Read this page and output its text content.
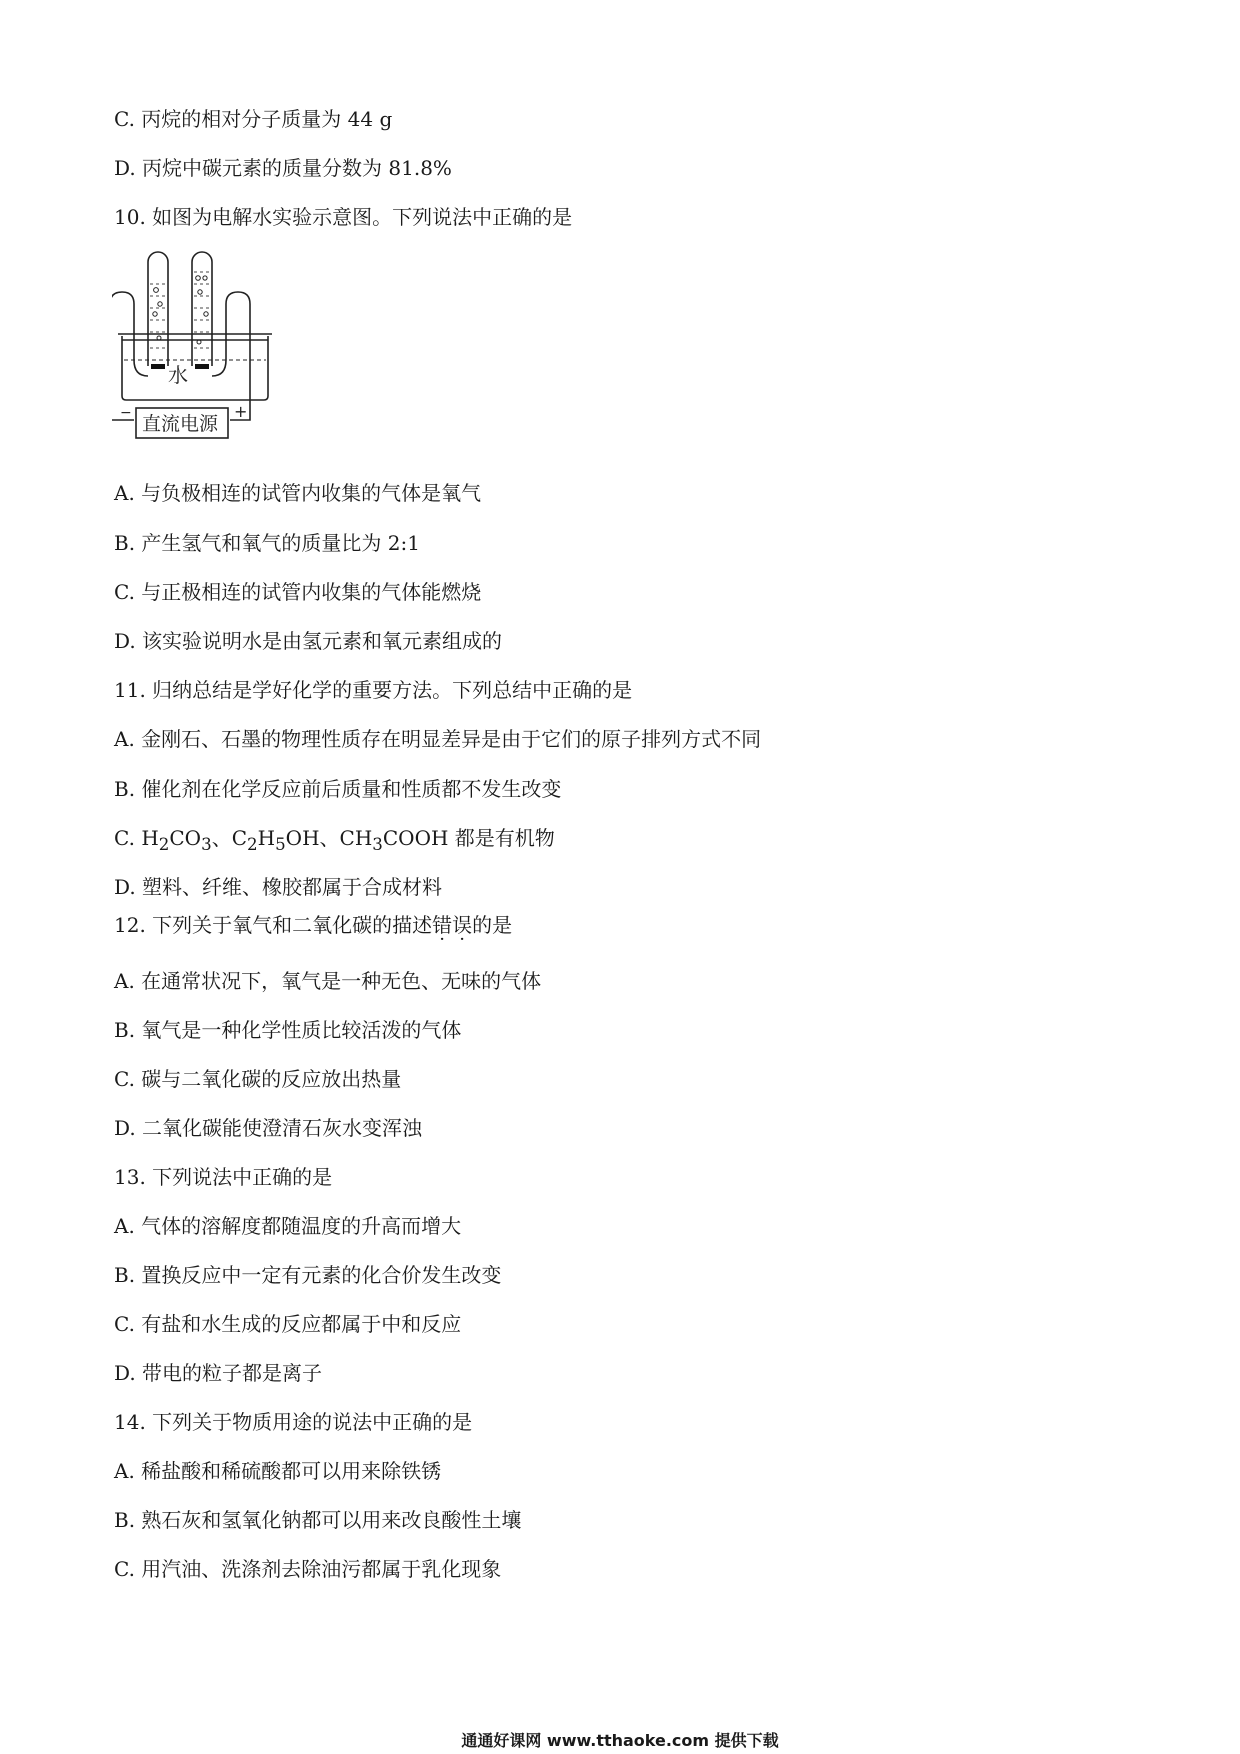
C. 丙烷的相对分子质量为 44 g
D. 丙烷中碳元素的质量分数为 81.8%
10. 如图为电解水实验示意图。下列说法中正确的是
水
−	+
直流电源
A. 与负极相连的试管内收集的气体是氧气
B. 产生氢气和氧气的质量比为 2:1
C. 与正极相连的试管内收集的气体能燃烧
D. 该实验说明水是由氢元素和氧元素组成的
11. 归纳总结是学好化学的重要方法。下列总结中正确的是
A. 金刚石、石墨的物理性质存在明显差异是由于它们的原子排列方式不同
B. 催化剂在化学反应前后质量和性质都不发生改变
C. $H_2CO_3$、$C_2H_5OH$、$CH_3COOH$ 都是有机物
D. 塑料、纤维、橡胶都属于合成材料
12. 下列关于氧气和二氧化碳的描述错误的是
A. 在通常状况下，氧气是一种无色、无味的气体
B. 氧气是一种化学性质比较活泼的气体
C. 碳与二氧化碳的反应放出热量
D. 二氧化碳能使澄清石灰水变浑浊
13. 下列说法中正确的是
A. 气体的溶解度都随温度的升高而增大
B. 置换反应中一定有元素的化合价发生改变
C. 有盐和水生成的反应都属于中和反应
D. 带电的粒子都是离子
14. 下列关于物质用途的说法中正确的是
A. 稀盐酸和稀硫酸都可以用来除铁锈
B. 熟石灰和氢氧化钠都可以用来改良酸性土壤
C. 用汽油、洗涤剂去除油污都属于乳化现象
通通好课网 www.tthaoke.com 提供下载
